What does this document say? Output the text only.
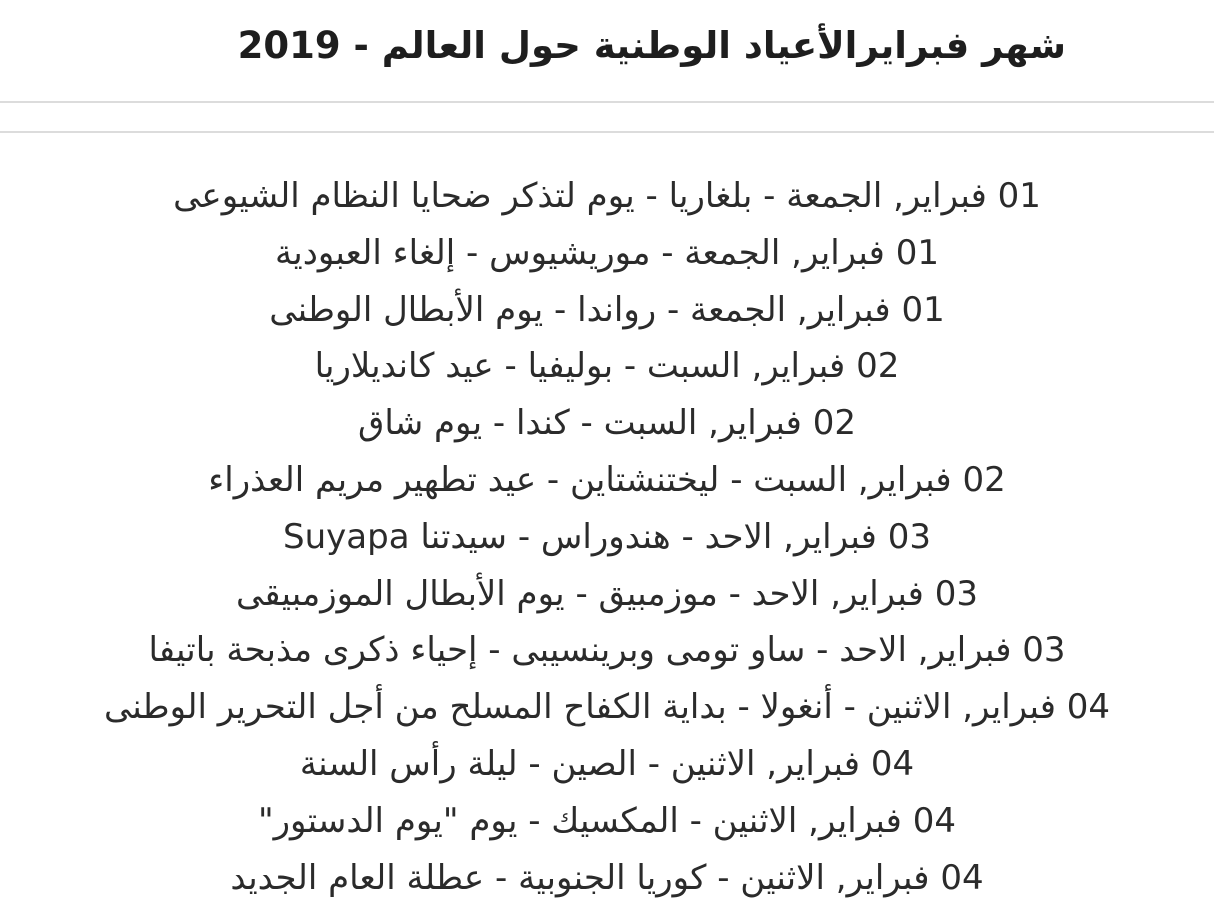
شهر فبرايرالأعياد الوطنية حول العالم - 2019
01 فبراير, الجمعة - بلغاريا - يوم لتذكر ضحايا النظام الشيوعى
01 فبراير, الجمعة - موريشيوس - إلغاء العبودية
01 فبراير, الجمعة - رواندا - يوم الأبطال الوطنى
02 فبراير, السبت - بوليفيا - عيد كانديلاريا
02 فبراير, السبت - كندا - يوم شاق
02 فبراير, السبت - ليختنشتاين - عيد تطهير مريم العذراء
03 فبراير, الاحد - هندوراس - سيدتنا Suyapa
03 فبراير, الاحد - موزمبيق - يوم الأبطال الموزمبيقى
03 فبراير, الاحد - ساو تومى وبرينسيبى - إحياء ذكرى مذبحة باتيفا
04 فبراير, الاثنين - أنغولا - بداية الكفاح المسلح من أجل التحرير الوطنى
04 فبراير, الاثنين - الصين - ليلة رأس السنة
04 فبراير, الاثنين - المكسيك - يوم "يوم الدستور"
04 فبراير, الاثنين - كوريا الجنوبية - عطلة العام الجديد
